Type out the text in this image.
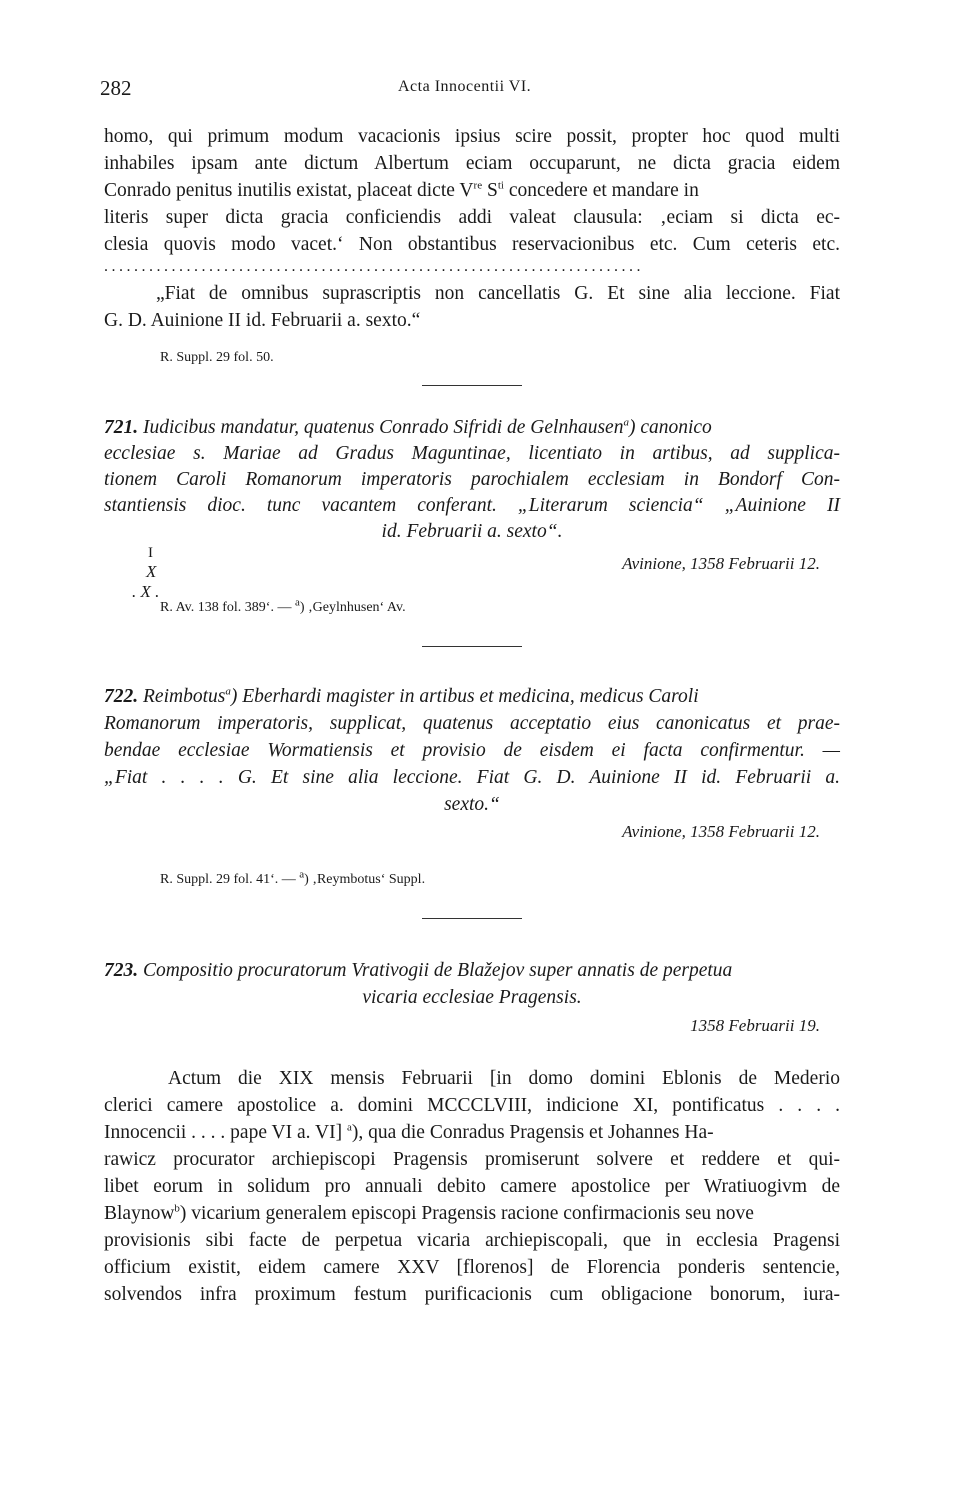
282	Acta Innocentii VI.
homo, qui primum modum vacacionis ipsius scire possit, propter hoc quod multi
inhabiles ipsam ante dictum Albertum eciam occuparunt, ne dicta gracia eidem
Conrado penitus inutilis existat, placeat dicte Vre $S^{ti}$ concedere et mandare in
literis super dicta gracia conficiendis addi valeat clausula: ‚eciam si dicta ec-
clesia quovis modo vacet.‘ Non obstantibus reservacionibus etc. Cum ceteris etc.
........................................................................
„Fiat de omnibus suprascriptis non cancellatis G. Et sine alia leccione. Fiat
G. D. Auinione II id. Februarii a. sexto.“
R. Suppl. 29 fol. 50.
721. Iudicibus mandatur, quatenus Conrado Sifridi de Gelnhausen$^a$) canonico
ecclesiae s. Mariae ad Gradus Maguntinae, licentiato in artibus, ad supplica-
tionem Caroli Romanorum imperatoris parochialem ecclesiam in Bondorf Con-
stantiensis dioc. tunc vacantem conferant. „Literarum sciencia“ „Auinione II
id. Februarii a. sexto“.
I
X
. X .
Avinione, 1358 Februarii 12.
R. Av. 138 fol. 389‘. — $^a$) ‚Geylnhusen‘ Av.
722. Reimbotus$^a$) Eberhardi magister in artibus et medicina, medicus Caroli
Romanorum imperatoris, supplicat, quatenus acceptatio eius canonicatus et prae-
bendae ecclesiae Wormatiensis et provisio de eisdem ei facta confirmentur. —
„Fiat . . . . G. Et sine alia leccione. Fiat G. D. Auinione II id. Februarii a.
sexto.“
Avinione, 1358 Februarii 12.
R. Suppl. 29 fol. 41‘. — $^a$) ‚Reymbotus‘ Suppl.
723. Compositio procuratorum Vrativogii de Blažejov super annatis de perpetua
vicaria ecclesiae Pragensis.
1358 Februarii 19.
Actum die XIX mensis Februarii [in domo domini Eblonis de Mederio
clerici camere apostolice a. domini MCCCLVIII, indicione XI, pontificatus . . . .
Innocencii . . . . pape VI a. VI] $^a$), qua die Conradus Pragensis et Johannes Ha-
rawicz procurator archiepiscopi Pragensis promiserunt solvere et reddere et qui-
libet eorum in solidum pro annuali debito camere apostolice per Wratiuogivm de
Blaynow$^b$) vicarium generalem episcopi Pragensis racione confirmacionis seu nove
provisionis sibi facte de perpetua vicaria archiepiscopali, que in ecclesia Pragensi
officium existit, eidem camere XXV [florenos] de Florencia ponderis sentencie,
solvendos infra proximum festum purificacionis cum obligacione bonorum, iura-
